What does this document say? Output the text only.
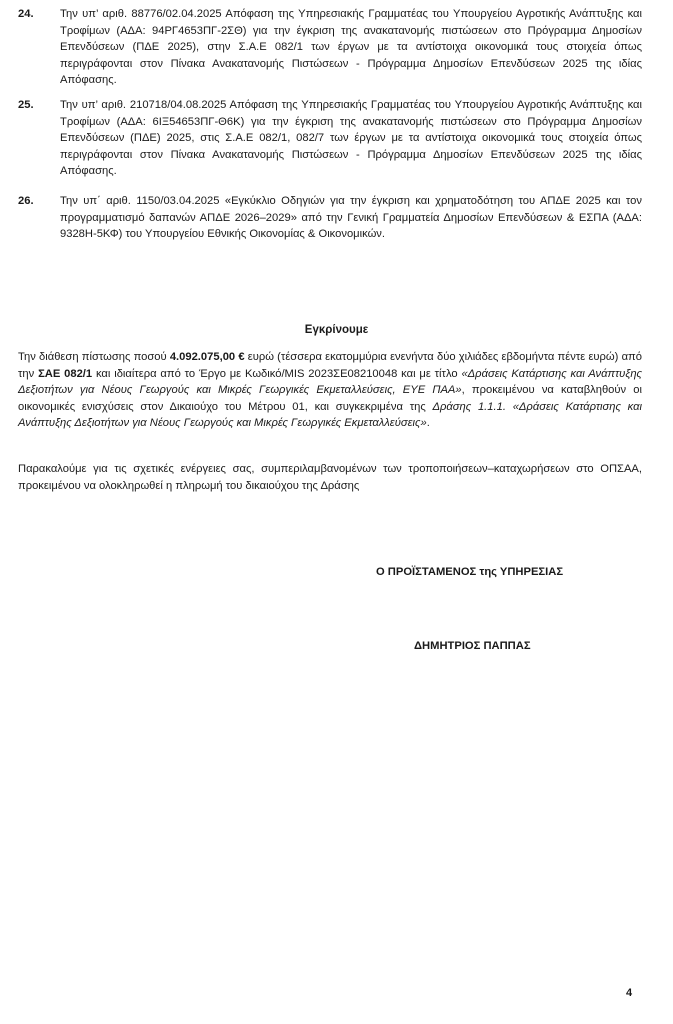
24.	Την υπ’ αριθ. 88776/02.04.2025 Απόφαση της Υπηρεσιακής Γραμματέας του Υπουργείου Αγροτικής Ανάπτυξης και Τροφίμων (ΑΔΑ: 94ΡΓ4653ΠΓ-2ΣΘ) για την έγκριση της ανακατανομής πιστώσεων στο Πρόγραμμα Δημοσίων Επενδύσεων (ΠΔΕ 2025), στην Σ.Α.Ε 082/1 των έργων με τα αντίστοιχα οικονομικά τους στοιχεία όπως περιγράφονται στον Πίνακα Ανακατανομής Πιστώσεων - Πρόγραμμα Δημοσίων Επενδύσεων 2025 της ιδίας Απόφασης.
25.	Την υπ’ αριθ. 210718/04.08.2025 Απόφαση της Υπηρεσιακής Γραμματέας του Υπουργείου Αγροτικής Ανάπτυξης και Τροφίμων (ΑΔΑ: 6ΙΞ54653ΠΓ-Θ6Κ) για την έγκριση της ανακατανομής πιστώσεων στο Πρόγραμμα Δημοσίων Επενδύσεων (ΠΔΕ) 2025, στις Σ.Α.Ε 082/1, 082/7 των έργων με τα αντίστοιχα οικονομικά τους στοιχεία όπως περιγράφονται στον Πίνακα Ανακατανομής Πιστώσεων - Πρόγραμμα Δημοσίων Επενδύσεων 2025 της ιδίας Απόφασης.
26.	Την υπ΄ αριθ. 1150/03.04.2025 «Εγκύκλιο Οδηγιών για την έγκριση και χρηματοδότηση του ΑΠΔΕ 2025 και τον προγραμματισμό δαπανών ΑΠΔΕ 2026–2029» από την Γενική Γραμματεία Δημοσίων Επενδύσεων & ΕΣΠΑ (ΑΔΑ: 9328Η-5ΚΦ) του Υπουργείου Εθνικής Οικονομίας & Οικονομικών.
Εγκρίνουμε
Την διάθεση πίστωσης ποσού 4.092.075,00 € ευρώ (τέσσερα εκατομμύρια ενενήντα δύο χιλιάδες εβδομήντα πέντε ευρώ) από την ΣΑΕ 082/1 και ιδιαίτερα από το Έργο με Κωδικό/MIS 2023ΣΕ08210048 και με τίτλο «Δράσεις Κατάρτισης και Ανάπτυξης Δεξιοτήτων για Νέους Γεωργούς και Μικρές Γεωργικές Εκμεταλλεύσεις, ΕΥΕ ΠΑΑ», προκειμένου να καταβληθούν οι οικονομικές ενισχύσεις στον Δικαιούχο του Μέτρου 01, και συγκεκριμένα της Δράσης 1.1.1. «Δράσεις Κατάρτισης και Ανάπτυξης Δεξιοτήτων για Νέους Γεωργούς και Μικρές Γεωργικές Εκμεταλλεύσεις».
Παρακαλούμε για τις σχετικές ενέργειες σας, συμπεριλαμβανομένων των τροποποιήσεων–καταχωρήσεων στο ΟΠΣΑΑ, προκειμένου να ολοκληρωθεί η πληρωμή του δικαιούχου της Δράσης
Ο ΠΡΟΪΣΤΑΜΕΝΟΣ της ΥΠΗΡΕΣΙΑΣ
ΔΗΜΗΤΡΙΟΣ ΠΑΠΠΑΣ
4
